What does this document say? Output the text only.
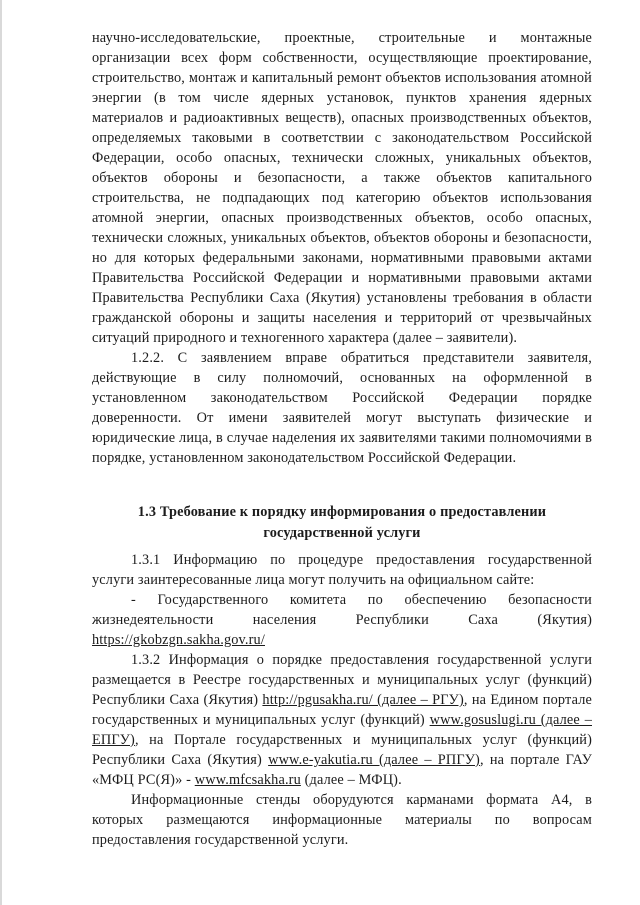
научно-исследовательские, проектные, строительные и монтажные организации всех форм собственности, осуществляющие проектирование, строительство, монтаж и капитальный ремонт объектов использования атомной энергии (в том числе ядерных установок, пунктов хранения ядерных материалов и радиоактивных веществ), опасных производственных объектов, определяемых таковыми в соответствии с законодательством Российской Федерации, особо опасных, технически сложных, уникальных объектов, объектов обороны и безопасности, а также объектов капитального строительства, не подпадающих под категорию объектов использования атомной энергии, опасных производственных объектов, особо опасных, технически сложных, уникальных объектов, объектов обороны и безопасности, но для которых федеральными законами, нормативными правовыми актами Правительства Российской Федерации и нормативными правовыми актами Правительства Республики Саха (Якутия) установлены требования в области гражданской обороны и защиты населения и территорий от чрезвычайных ситуаций природного и техногенного характера (далее – заявители).

1.2.2. С заявлением вправе обратиться представители заявителя, действующие в силу полномочий, основанных на оформленной в установленном законодательством Российской Федерации порядке доверенности. От имени заявителей могут выступать физические и юридические лица, в случае наделения их заявителями такими полномочиями в порядке, установленном законодательством Российской Федерации.

1.3 Требование к порядку информирования о предоставлении
государственной услуги

1.3.1 Информацию по процедуре предоставления государственной услуги заинтересованные лица могут получить на официальном сайте:

- Государственного комитета по обеспечению безопасности жизнедеятельности населения Республики Саха (Якутия) https://gkobzgn.sakha.gov.ru/

1.3.2 Информация о порядке предоставления государственной услуги размещается в Реестре государственных и муниципальных услуг (функций) Республики Саха (Якутия) http://pgusakha.ru/ (далее – РГУ), на Едином портале государственных и муниципальных услуг (функций) www.gosuslugi.ru (далее – ЕПГУ), на Портале государственных и муниципальных услуг (функций) Республики Саха (Якутия) www.e-yakutia.ru (далее – РПГУ), на портале ГАУ «МФЦ РС(Я)» - www.mfcsakha.ru (далее – МФЦ).

Информационные стенды оборудуются карманами формата А4, в которых размещаются информационные материалы по вопросам предоставления государственной услуги.
